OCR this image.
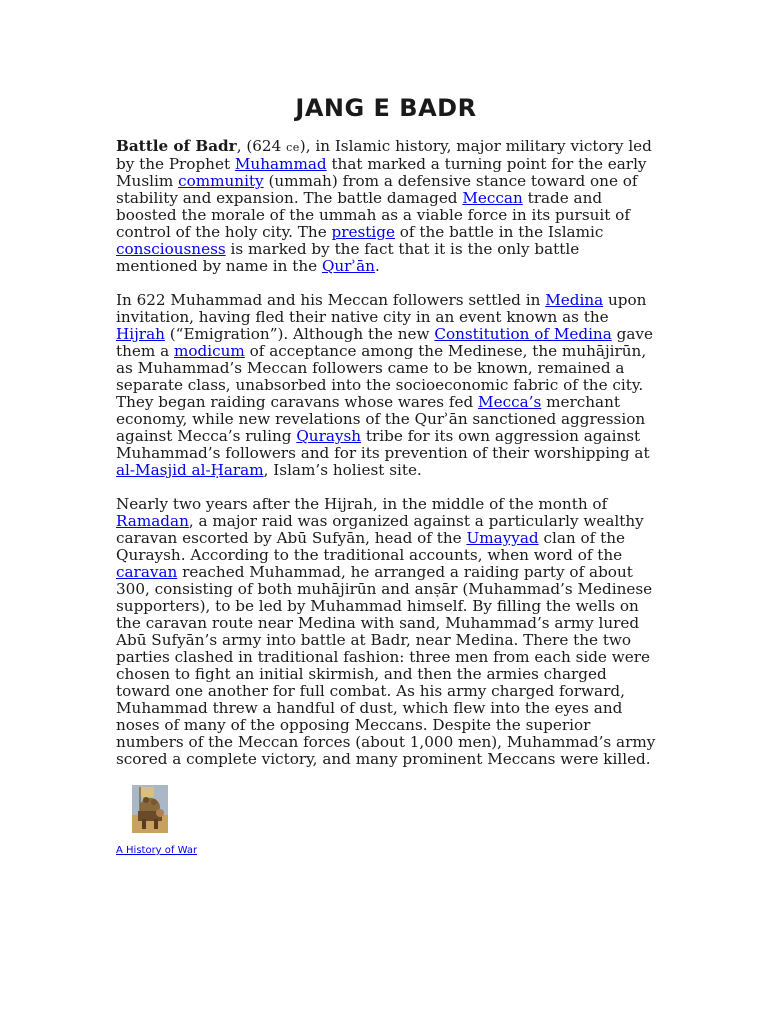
JANG E BADR

Battle of Badr, (624 ce), in Islamic history, major military victory led by the Prophet Muhammad that marked a turning point for the early Muslim community (ummah) from a defensive stance toward one of stability and expansion. The battle damaged Meccan trade and boosted the morale of the ummah as a viable force in its pursuit of control of the holy city. The prestige of the battle in the Islamic consciousness is marked by the fact that it is the only battle mentioned by name in the Qurʾān.

In 622 Muhammad and his Meccan followers settled in Medina upon invitation, having fled their native city in an event known as the Hijrah (“Emigration”). Although the new Constitution of Medina gave them a modicum of acceptance among the Medinese, the muhājirūn, as Muhammad’s Meccan followers came to be known, remained a separate class, unabsorbed into the socioeconomic fabric of the city. They began raiding caravans whose wares fed Mecca’s merchant economy, while new revelations of the Qurʾān sanctioned aggression against Mecca’s ruling Quraysh tribe for its own aggression against Muhammad’s followers and for its prevention of their worshipping at al-Masjid al-Ḥaram, Islam’s holiest site.

Nearly two years after the Hijrah, in the middle of the month of Ramadan, a major raid was organized against a particularly wealthy caravan escorted by Abū Sufyān, head of the Umayyad clan of the Quraysh. According to the traditional accounts, when word of the caravan reached Muhammad, he arranged a raiding party of about 300, consisting of both muhājirūn and anṣār (Muhammad’s Medinese supporters), to be led by Muhammad himself. By filling the wells on the caravan route near Medina with sand, Muhammad’s army lured Abū Sufyān’s army into battle at Badr, near Medina. There the two parties clashed in traditional fashion: three men from each side were chosen to fight an initial skirmish, and then the armies charged toward one another for full combat. As his army charged forward, Muhammad threw a handful of dust, which flew into the eyes and noses of many of the opposing Meccans. Despite the superior numbers of the Meccan forces (about 1,000 men), Muhammad’s army scored a complete victory, and many prominent Meccans were killed.

A History of War
